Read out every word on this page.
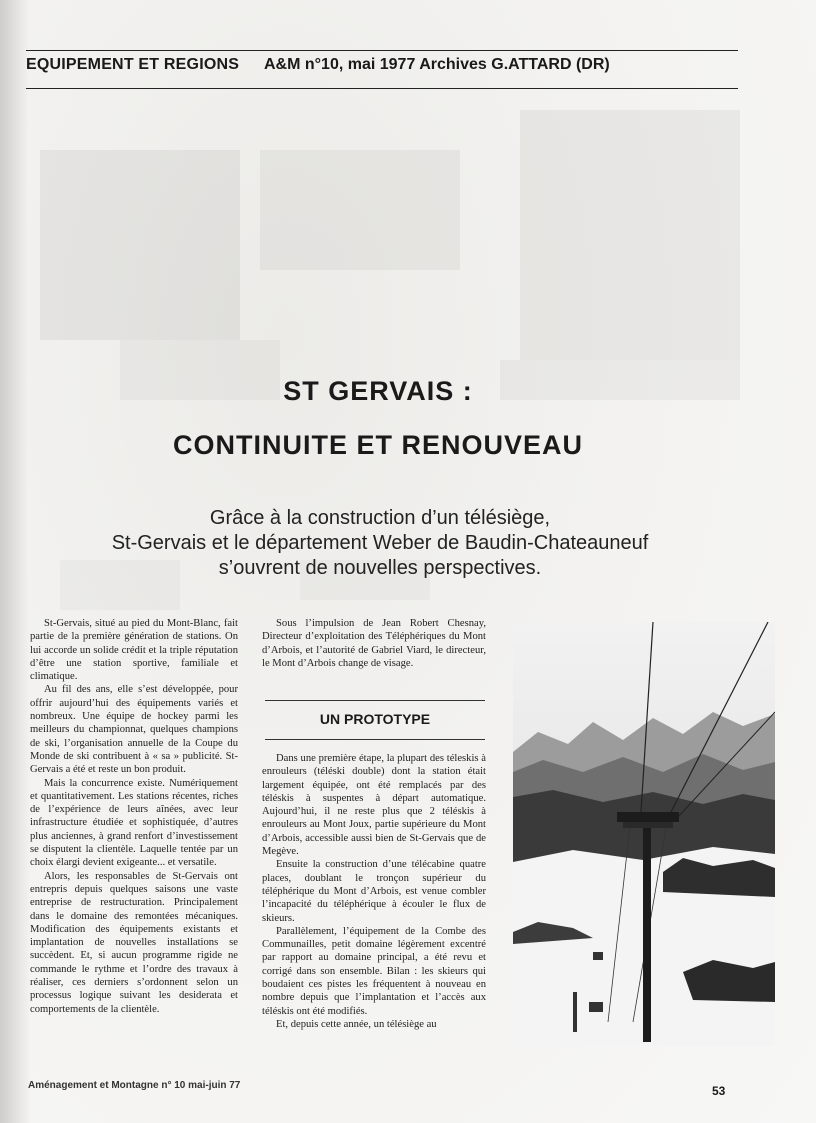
EQUIPEMENT ET REGIONS A&M n°10, mai 1977 Archives G.ATTARD (DR)
ST GERVAIS :
CONTINUITE ET RENOUVEAU
Grâce à la construction d’un télésiège,
St-Gervais et le département Weber de Baudin-Chateauneuf
s’ouvrent de nouvelles perspectives.

St-Gervais, situé au pied du Mont-Blanc, fait partie de la première génération de stations. On lui accorde un solide crédit et la triple réputation d’être une station sportive, familiale et climatique.

Au fil des ans, elle s’est développée, pour offrir aujourd’hui des équipements variés et nombreux. Une équipe de hockey parmi les meilleurs du championnat, quelques champions de ski, l’organisation annuelle de la Coupe du Monde de ski contribuent à « sa » publicité. St-Gervais a été et reste un bon produit.

Mais la concurrence existe. Numériquement et quantitativement. Les stations récentes, riches de l’expérience de leurs aînées, avec leur infrastructure étudiée et sophistiquée, d’autres plus anciennes, à grand renfort d’investissement se disputent la clientèle. Laquelle tentée par un choix élargi devient exigeante... et versatile.

Alors, les responsables de St-Gervais ont entrepris depuis quelques saisons une vaste entreprise de restructuration. Principalement dans le domaine des remontées mécaniques. Modification des équipements existants et implantation de nouvelles installations se succèdent. Et, si aucun programme rigide ne commande le rythme et l’ordre des travaux à réaliser, ces derniers s’ordonnent selon un processus logique suivant les desiderata et comportements de la clientèle.

Sous l’impulsion de Jean Robert Chesnay, Directeur d’exploitation des Téléphériques du Mont d’Arbois, et l’autorité de Gabriel Viard, le directeur, le Mont d’Arbois change de visage.

UN PROTOTYPE

Dans une première étape, la plupart des téleskis à enrouleurs (téléski double) dont la station était largement équipée, ont été remplacés par des téléskis à suspentes à départ automatique. Aujourd’hui, il ne reste plus que 2 téléskis à enrouleurs au Mont Joux, partie supérieure du Mont d’Arbois, accessible aussi bien de St-Gervais que de Megève.

Ensuite la construction d’une télécabine quatre places, doublant le tronçon supérieur du téléphérique du Mont d’Arbois, est venue combler l’incapacité du téléphérique à écouler le flux de skieurs.

Parallèlement, l’équipement de la Combe des Communailles, petit domaine légèrement excentré par rapport au domaine principal, a été revu et corrigé dans son ensemble. Bilan : les skieurs qui boudaient ces pistes les fréquentent à nouveau en nombre depuis que l’implantation et l’accès aux téléskis ont été modifiés.

Et, depuis cette année, un télésiège au

Aménagement et Montagne n° 10 mai-juin 77	53
